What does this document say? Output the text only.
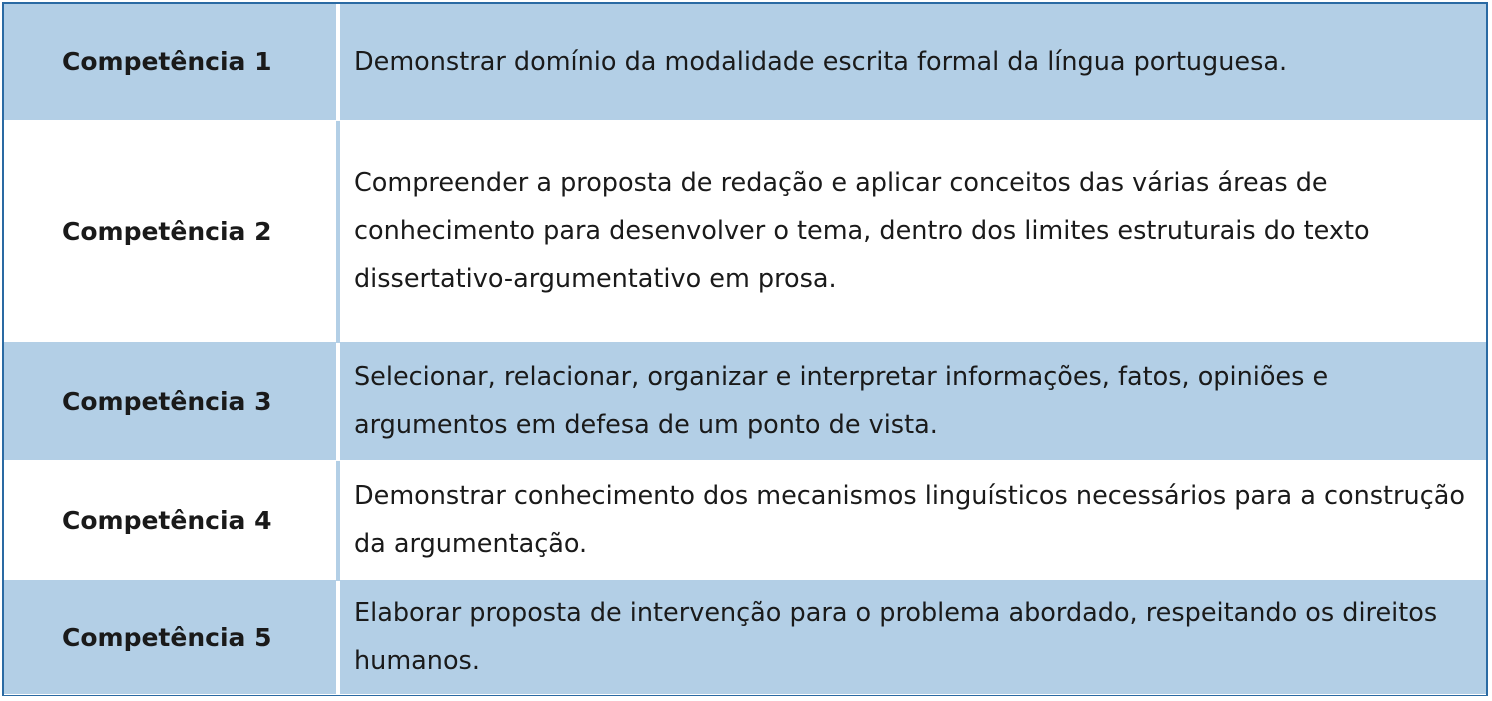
Competência 1	Demonstrar domínio da modalidade escrita formal da língua portuguesa.
Competência 2	Compreender a proposta de redação e aplicar conceitos das várias áreas de conhecimento para desenvolver o tema, dentro dos limites estruturais do texto dissertativo-argumentativo em prosa.
Competência 3	Selecionar, relacionar, organizar e interpretar informações, fatos, opiniões e argumentos em defesa de um ponto de vista.
Competência 4	Demonstrar conhecimento dos mecanismos linguísticos necessários para a construção da argumentação.
Competência 5	Elaborar proposta de intervenção para o problema abordado, respeitando os direitos humanos.
